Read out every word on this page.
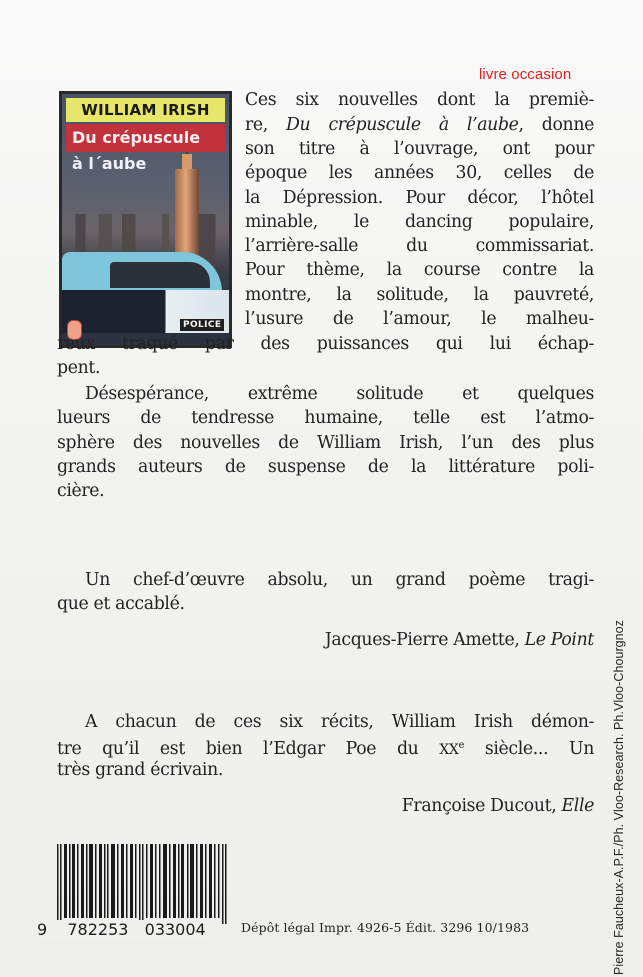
livre occasion
WILLIAM IRISH
Du crépuscule
à l´aube
POLICE
Ces six nouvelles dont la premiè-
re, Du crépuscule à l’aube, donne
son titre à l’ouvrage, ont pour
époque les années 30, celles de
la Dépression. Pour décor, l’hôtel
minable, le dancing populaire,
l’arrière-salle du commissariat.
Pour thème, la course contre la
montre, la solitude, la pauvreté,
l’usure de l’amour, le malheu-
reux traqué par des puissances qui lui échap-
pent.
Désespérance, extrême solitude et quelques
lueurs de tendresse humaine, telle est l’atmo-
sphère des nouvelles de William Irish, l’un des plus
grands auteurs de suspense de la littérature poli-
cière.
Un chef-d’œuvre absolu, un grand poème tragi-
que et accablé.
Jacques-Pierre Amette, Le Point
A chacun de ces six récits, William Irish démon-
tre qu’il est bien l’Edgar Poe du XXe siècle... Un
très grand écrivain.
Françoise Ducout, Elle
9 782253 033004	Dépôt légal Impr. 4926-5 Édit. 3296 10/1983	Pierre Faucheux-A.P.F./Ph. Vloo-Research. Ph.Vloo-Chourgnoz
